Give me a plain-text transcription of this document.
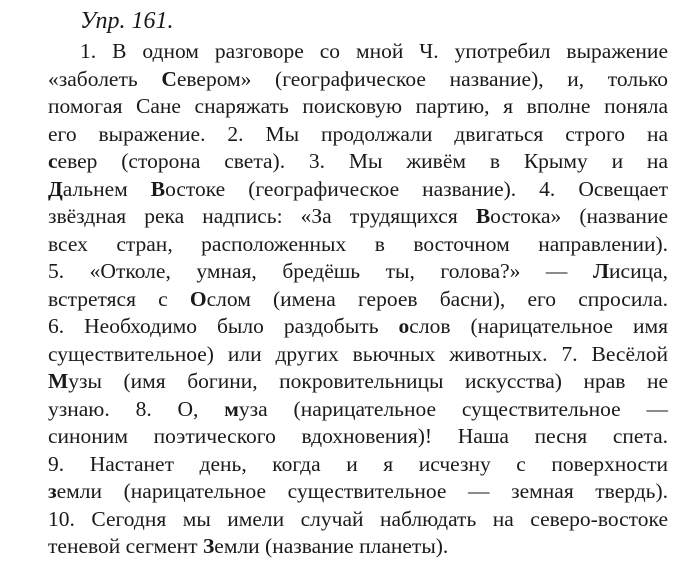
Упр. 161.
1. В одном разговоре со мной Ч. употребил выражение
«заболеть Севером» (географическое название), и, только
помогая Сане снаряжать поисковую партию, я вполне поняла
его выражение. 2. Мы продолжали двигаться строго на
север (сторона света). 3. Мы живём в Крыму и на
Дальнем Востоке (географическое название). 4. Освещает
звёздная река надпись: «За трудящихся Востока» (название
всех стран, расположенных в восточном направлении).
5. «Отколе, умная, бредёшь ты, голова?» — Лисица,
встретяся с Ослом (имена героев басни), его спросила.
6. Необходимо было раздобыть ослов (нарицательное имя
существительное) или других вьючных животных. 7. Весёлой
Музы (имя богини, покровительницы искусства) нрав не
узнаю. 8. О, муза (нарицательное существительное —
синоним поэтического вдохновения)! Наша песня спета.
9. Настанет день, когда и я исчезну с поверхности
земли (нарицательное существительное — земная твердь).
10. Сегодня мы имели случай наблюдать на северо-востоке
теневой сегмент Земли (название планеты).
